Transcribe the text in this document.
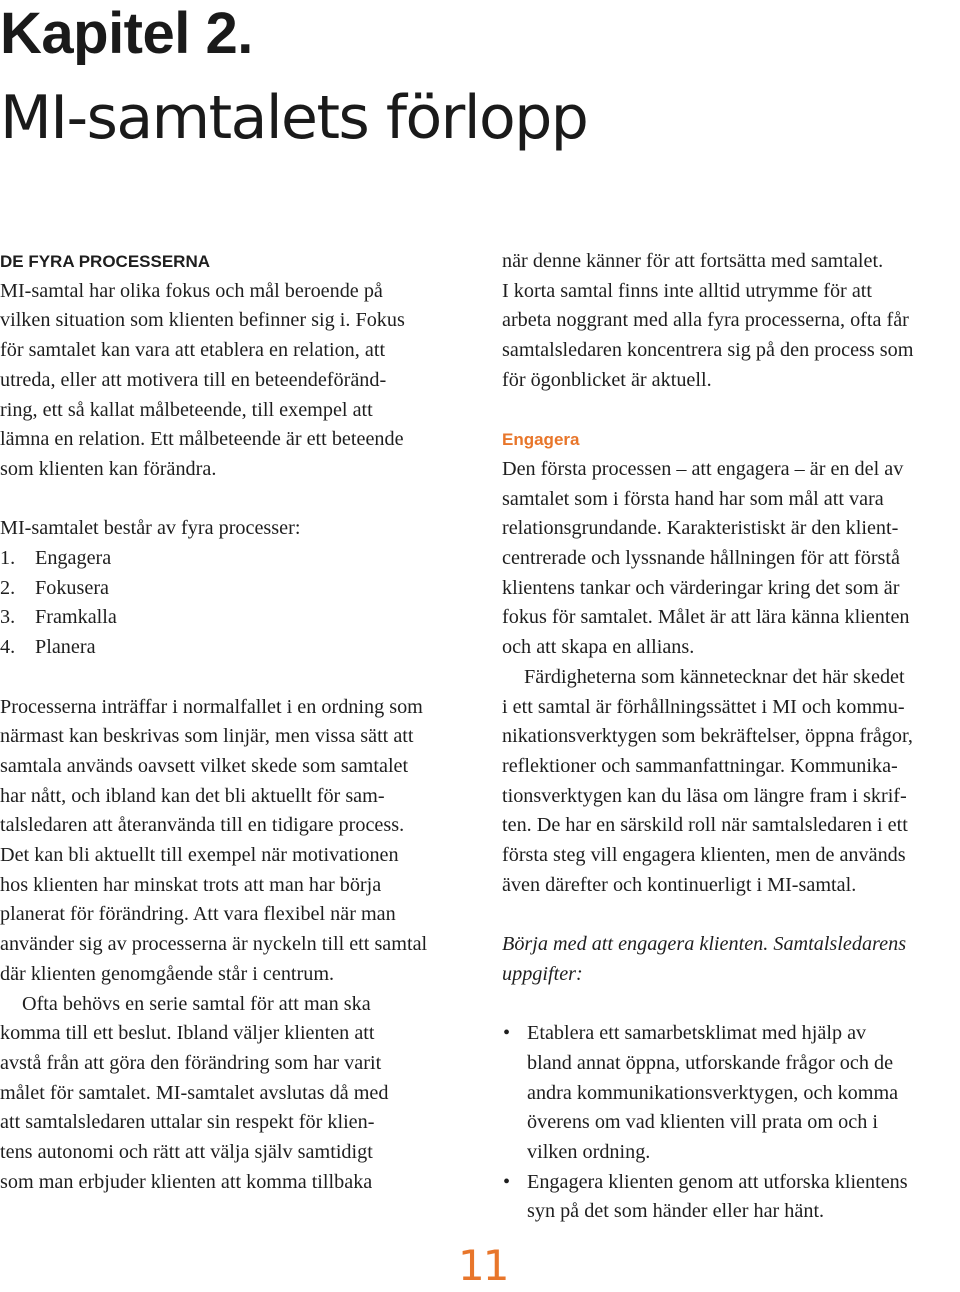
Kapitel 2.
MI-samtalets förlopp
DE FYRA PROCESSERNA
MI-samtal har olika fokus och mål beroende på
vilken situation som klienten befinner sig i. Fokus
för samtalet kan vara att etablera en relation, att
utreda, eller att motivera till en beteendeföränd-
ring, ett så kallat målbeteende, till exempel att
lämna en relation. Ett målbeteende är ett beteende
som klienten kan förändra.
MI-samtalet består av fyra processer:
1. Engagera
2. Fokusera
3. Framkalla
4. Planera
Processerna inträffar i normalfallet i en ordning som
närmast kan beskrivas som linjär, men vissa sätt att
samtala används oavsett vilket skede som samtalet
har nått, och ibland kan det bli aktuellt för sam-
talsledaren att återanvända till en tidigare process.
Det kan bli aktuellt till exempel när motivationen
hos klienten har minskat trots att man har börja
planerat för förändring. Att vara flexibel när man
använder sig av processerna är nyckeln till ett samtal
där klienten genomgående står i centrum.
Ofta behövs en serie samtal för att man ska
komma till ett beslut. Ibland väljer klienten att
avstå från att göra den förändring som har varit
målet för samtalet. MI-samtalet avslutas då med
att samtalsledaren uttalar sin respekt för klien-
tens autonomi och rätt att välja själv samtidigt
som man erbjuder klienten att komma tillbaka
när denne känner för att fortsätta med samtalet.
I korta samtal finns inte alltid utrymme för att
arbeta noggrant med alla fyra processerna, ofta får
samtalsledaren koncentrera sig på den process som
för ögonblicket är aktuell.
Engagera
Den första processen – att engagera – är en del av
samtalet som i första hand har som mål att vara
relationsgrundande. Karakteristiskt är den klient-
centrerade och lyssnande hållningen för att förstå
klientens tankar och värderingar kring det som är
fokus för samtalet. Målet är att lära känna klienten
och att skapa en allians.
Färdigheterna som kännetecknar det här skedet
i ett samtal är förhållningssättet i MI och kommu-
nikationsverktygen som bekräftelser, öppna frågor,
reflektioner och sammanfattningar. Kommunika-
tionsverktygen kan du läsa om längre fram i skrif-
ten. De har en särskild roll när samtalsledaren i ett
första steg vill engagera klienten, men de används
även därefter och kontinuerligt i MI-samtal.
Börja med att engagera klienten. Samtalsledarens uppgifter:
• Etablera ett samarbetsklimat med hjälp av
bland annat öppna, utforskande frågor och de
andra kommunikationsverktygen, och komma
överens om vad klienten vill prata om och i
vilken ordning.
• Engagera klienten genom att utforska klientens
syn på det som händer eller har hänt.
11
